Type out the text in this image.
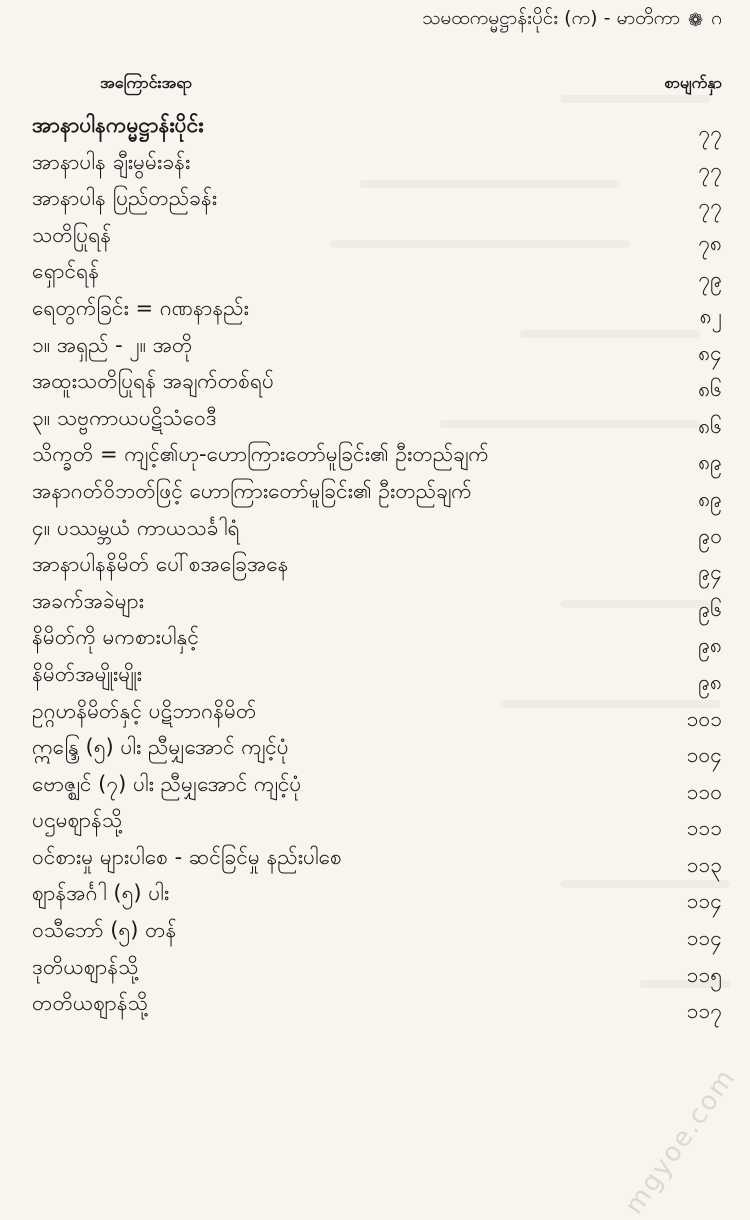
သမထကမ္မဋ္ဌာန်းပိုင်း (က) - မာတိကာ ❁ ဂ
အကြောင်းအရာ	စာမျက်နှာ
အာနာပါနကမ္မဋ္ဌာန်းပိုင်း	၇၇
အာနာပါန ချီးမွမ်းခန်း	၇၇
အာနာပါန ပြည်တည်ခန်း	၇၇
သတိပြုရန်	၇၈
ရှောင်ရန်	၇၉
ရေတွက်ခြင်း = ဂဏနာနည်း	၈၂
၁။ အရှည် - ၂။ အတို	၈၄
အထူးသတိပြုရန် အချက်တစ်ရပ်	၈၆
၃။ သဗ္ဗကာယပဋိသံဝေဒီ	၈၆
သိက္ခတိ = ကျင့်၏ဟု-ဟောကြားတော်မူခြင်း၏ ဦးတည်ချက်	၈၉
အနာဂတ်ဝိဘတ်ဖြင့် ဟောကြားတော်မူခြင်း၏ ဦးတည်ချက်	၈၉
၄။ ပဿမ္ဘယံ ကာယသင်္ခါရံ	၉၀
အာနာပါနနိမိတ် ပေါ်စအခြေအနေ	၉၄
အခက်အခဲများ	၉၆
နိမိတ်ကို မကစားပါနှင့်	၉၈
နိမိတ်အမျိုးမျိုး	၉၈
ဥဂ္ဂဟနိမိတ်နှင့် ပဋိဘာဂနိမိတ်	၁၀၁
ဣန္ဒြေ (၅) ပါး ညီမျှအောင် ကျင့်ပုံ	၁၀၄
ဗောဇ္ဈင် (၇) ပါး ညီမျှအောင် ကျင့်ပုံ	၁၁၀
ပဌမဈာန်သို့	၁၁၁
ဝင်စားမှု များပါစေ - ဆင်ခြင်မှု နည်းပါစေ	၁၁၃
ဈာန်အင်္ဂါ (၅) ပါး	၁၁၄
ဝသီဘော် (၅) တန်	၁၁၄
ဒုတိယဈာန်သို့	၁၁၅
တတိယဈာန်သို့	၁၁၇
mgyoe.com
